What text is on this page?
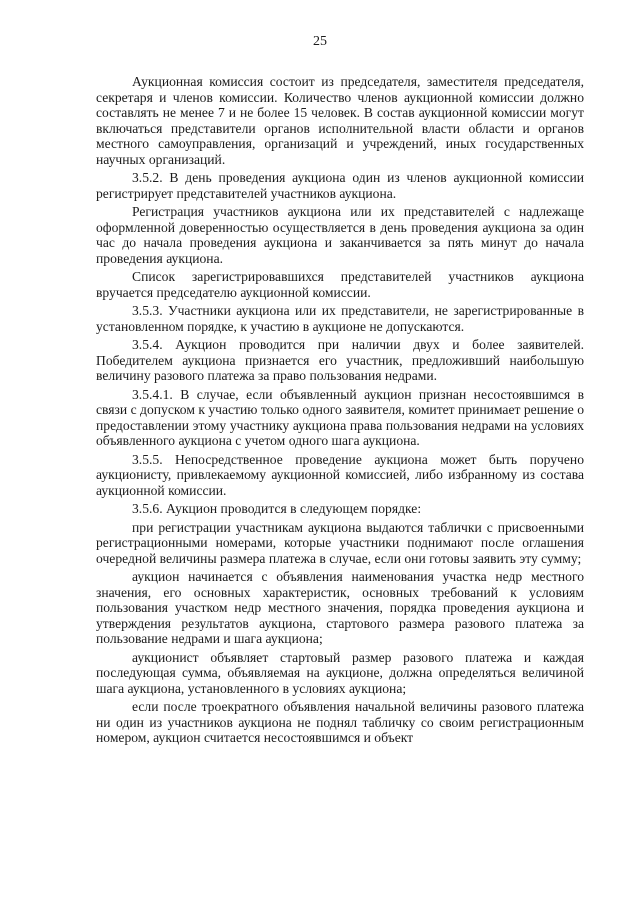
25

Аукционная комиссия состоит из председателя, заместителя председателя, секретаря и членов комиссии. Количество членов аукционной комиссии должно составлять не менее 7 и не более 15 человек. В состав аукционной комиссии могут включаться представители органов исполнительной власти области и органов местного самоуправления, организаций и учреждений, иных государственных научных организаций.

3.5.2. В день проведения аукциона один из членов аукционной комиссии регистрирует представителей участников аукциона.

Регистрация участников аукциона или их представителей с надлежаще оформленной доверенностью осуществляется в день проведения аукциона за один час до начала проведения аукциона и заканчивается за пять минут до начала проведения аукциона.

Список зарегистрировавшихся представителей участников аукциона вручается председателю аукционной комиссии.

3.5.3. Участники аукциона или их представители, не зарегистрированные в установленном порядке, к участию в аукционе не допускаются.

3.5.4. Аукцион проводится при наличии двух и более заявителей. Победителем аукциона признается его участник, предложивший наибольшую величину разового платежа за право пользования недрами.

3.5.4.1. В случае, если объявленный аукцион признан несостоявшимся в связи с допуском к участию только одного заявителя, комитет принимает решение о предоставлении этому участнику аукциона права пользования недрами на условиях объявленного аукциона с учетом одного шага аукциона.

3.5.5. Непосредственное проведение аукциона может быть поручено аукционисту, привлекаемому аукционной комиссией, либо избранному из состава аукционной комиссии.

3.5.6. Аукцион проводится в следующем порядке:

при регистрации участникам аукциона выдаются таблички с присвоенными регистрационными номерами, которые участники поднимают после оглашения очередной величины размера платежа в случае, если они готовы заявить эту сумму;

аукцион начинается с объявления наименования участка недр местного значения, его основных характеристик, основных требований к условиям пользования участком недр местного значения, порядка проведения аукциона и утверждения результатов аукциона, стартового размера разового платежа за пользование недрами и шага аукциона;

аукционист объявляет стартовый размер разового платежа и каждая последующая сумма, объявляемая на аукционе, должна определяться величиной шага аукциона, установленного в условиях аукциона;

если после троекратного объявления начальной величины разового платежа ни один из участников аукциона не поднял табличку со своим регистрационным номером, аукцион считается несостоявшимся и объект
